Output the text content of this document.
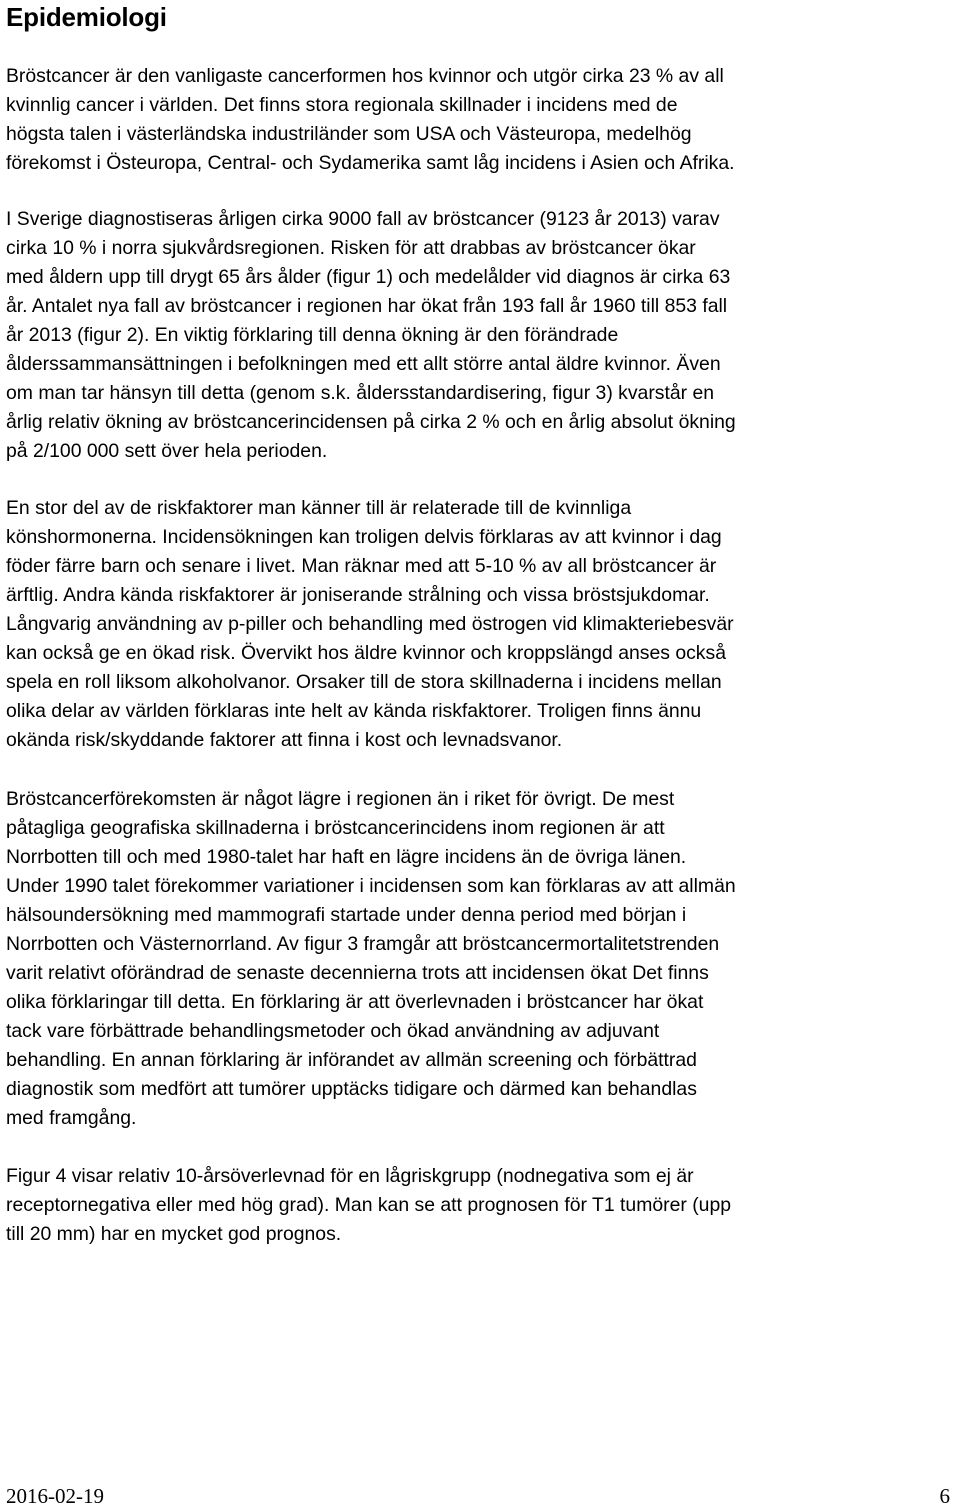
Epidemiologi
Bröstcancer är den vanligaste cancerformen hos kvinnor och utgör cirka 23 % av all
kvinnlig cancer i världen. Det finns stora regionala skillnader i incidens med de
högsta talen i västerländska industriländer som USA och Västeuropa, medelhög
förekomst i Östeuropa, Central- och Sydamerika samt låg incidens i Asien och Afrika.
I Sverige diagnostiseras årligen cirka 9000 fall av bröstcancer (9123 år 2013) varav
cirka 10 % i norra sjukvårdsregionen. Risken för att drabbas av bröstcancer ökar
med åldern upp till drygt 65 års ålder (figur 1) och medelålder vid diagnos är cirka 63
år. Antalet nya fall av bröstcancer i regionen har ökat från 193 fall år 1960 till 853 fall
år 2013 (figur 2). En viktig förklaring till denna ökning är den förändrade
ålderssammansättningen i befolkningen med ett allt större antal äldre kvinnor. Även
om man tar hänsyn till detta (genom s.k. åldersstandardisering, figur 3) kvarstår en
årlig relativ ökning av bröstcancerincidensen på cirka 2 % och en årlig absolut ökning
på 2/100 000 sett över hela perioden.
En stor del av de riskfaktorer man känner till är relaterade till de kvinnliga
könshormonerna. Incidensökningen kan troligen delvis förklaras av att kvinnor i dag
föder färre barn och senare i livet. Man räknar med att 5-10 % av all bröstcancer är
ärftlig. Andra kända riskfaktorer är joniserande strålning och vissa bröstsjukdomar.
Långvarig användning av p-piller och behandling med östrogen vid klimakteriebesvär
kan också ge en ökad risk. Övervikt hos äldre kvinnor och kroppslängd anses också
spela en roll liksom alkoholvanor. Orsaker till de stora skillnaderna i incidens mellan
olika delar av världen förklaras inte helt av kända riskfaktorer. Troligen finns ännu
okända risk/skyddande faktorer att finna i kost och levnadsvanor.
Bröstcancerförekomsten är något lägre i regionen än i riket för övrigt. De mest
påtagliga geografiska skillnaderna i bröstcancerincidens inom regionen är att
Norrbotten till och med 1980-talet har haft en lägre incidens än de övriga länen.
Under 1990 talet förekommer variationer i incidensen som kan förklaras av att allmän
hälsoundersökning med mammografi startade under denna period med början i
Norrbotten och Västernorrland. Av figur 3 framgår att bröstcancermortalitetstrenden
varit relativt oförändrad de senaste decennierna trots att incidensen ökat Det finns
olika förklaringar till detta. En förklaring är att överlevnaden i bröstcancer har ökat
tack vare förbättrade behandlingsmetoder och ökad användning av adjuvant
behandling. En annan förklaring är införandet av allmän screening och förbättrad
diagnostik som medfört att tumörer upptäcks tidigare och därmed kan behandlas
med framgång.
Figur 4 visar relativ 10-årsöverlevnad för en lågriskgrupp (nodnegativa som ej är
receptornegativa eller med hög grad). Man kan se att prognosen för T1 tumörer (upp
till 20 mm) har en mycket god prognos.
2016-02-19	6
